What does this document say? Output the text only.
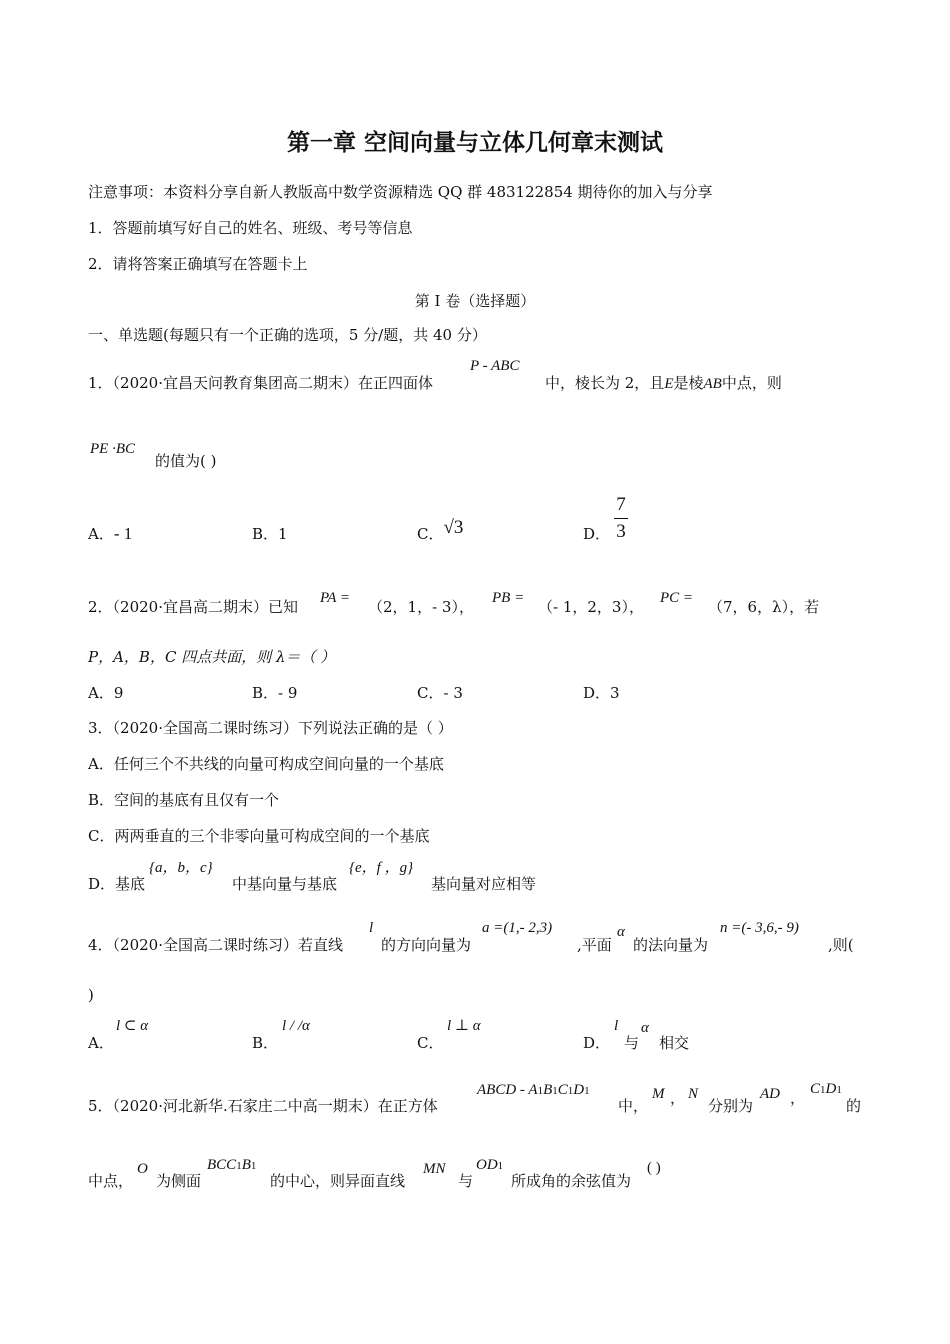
第一章 空间向量与立体几何章末测试
注意事项：本资料分享自新人教版高中数学资源精选 QQ 群 483122854 期待你的加入与分享
1．答题前填写好自己的姓名、班级、考号等信息
2．请将答案正确填写在答题卡上
第 I 卷（选择题）
一、单选题(每题只有一个正确的选项，5 分/题，共 40 分）
1．（2020·宜昌天问教育集团高二期末）在正四面体
P - ABC
中，棱长为 2，且E是棱AB中点，则
PE ·BC
的值为( )
A．- 1	B．1	C．√3	D．
7
3
2．（2020·宜昌高二期末）已知 PA = （2，1，- 3）， PB = （- 1，2，3）， PC = （7，6，λ），若
P，A，B，C 四点共面，则 λ＝（ ）
A．9	B．- 9	C．- 3	D．3
3．（2020·全国高二课时练习）下列说法正确的是（ ）
A．任何三个不共线的向量可构成空间向量的一个基底
B．空间的基底有且仅有一个
C．两两垂直的三个非零向量可构成空间的一个基底
D．基底
{a，b，c}
中基向量与基底
{e，f ，g}
基向量对应相等
4．（2020·全国高二课时练习）若直线
l
的方向向量为
a =(1,- 2,3)
,平面
α
的法向量为
n =(- 3,6,- 9)
,则(
)
A．
l ⊂ α
B．
l / /α
C．
l ⊥ α
D．
l
与
α
相交
5．（2020·河北新华.石家庄二中高一期末）在正方体
ABCD - A1B1C1D1
中，
M ， N
分别为
AD ， C1D1
的
中点，
O
为侧面
BCC1B1
的中心，则异面直线
MN
与
OD1
所成角的余弦值为
( )
